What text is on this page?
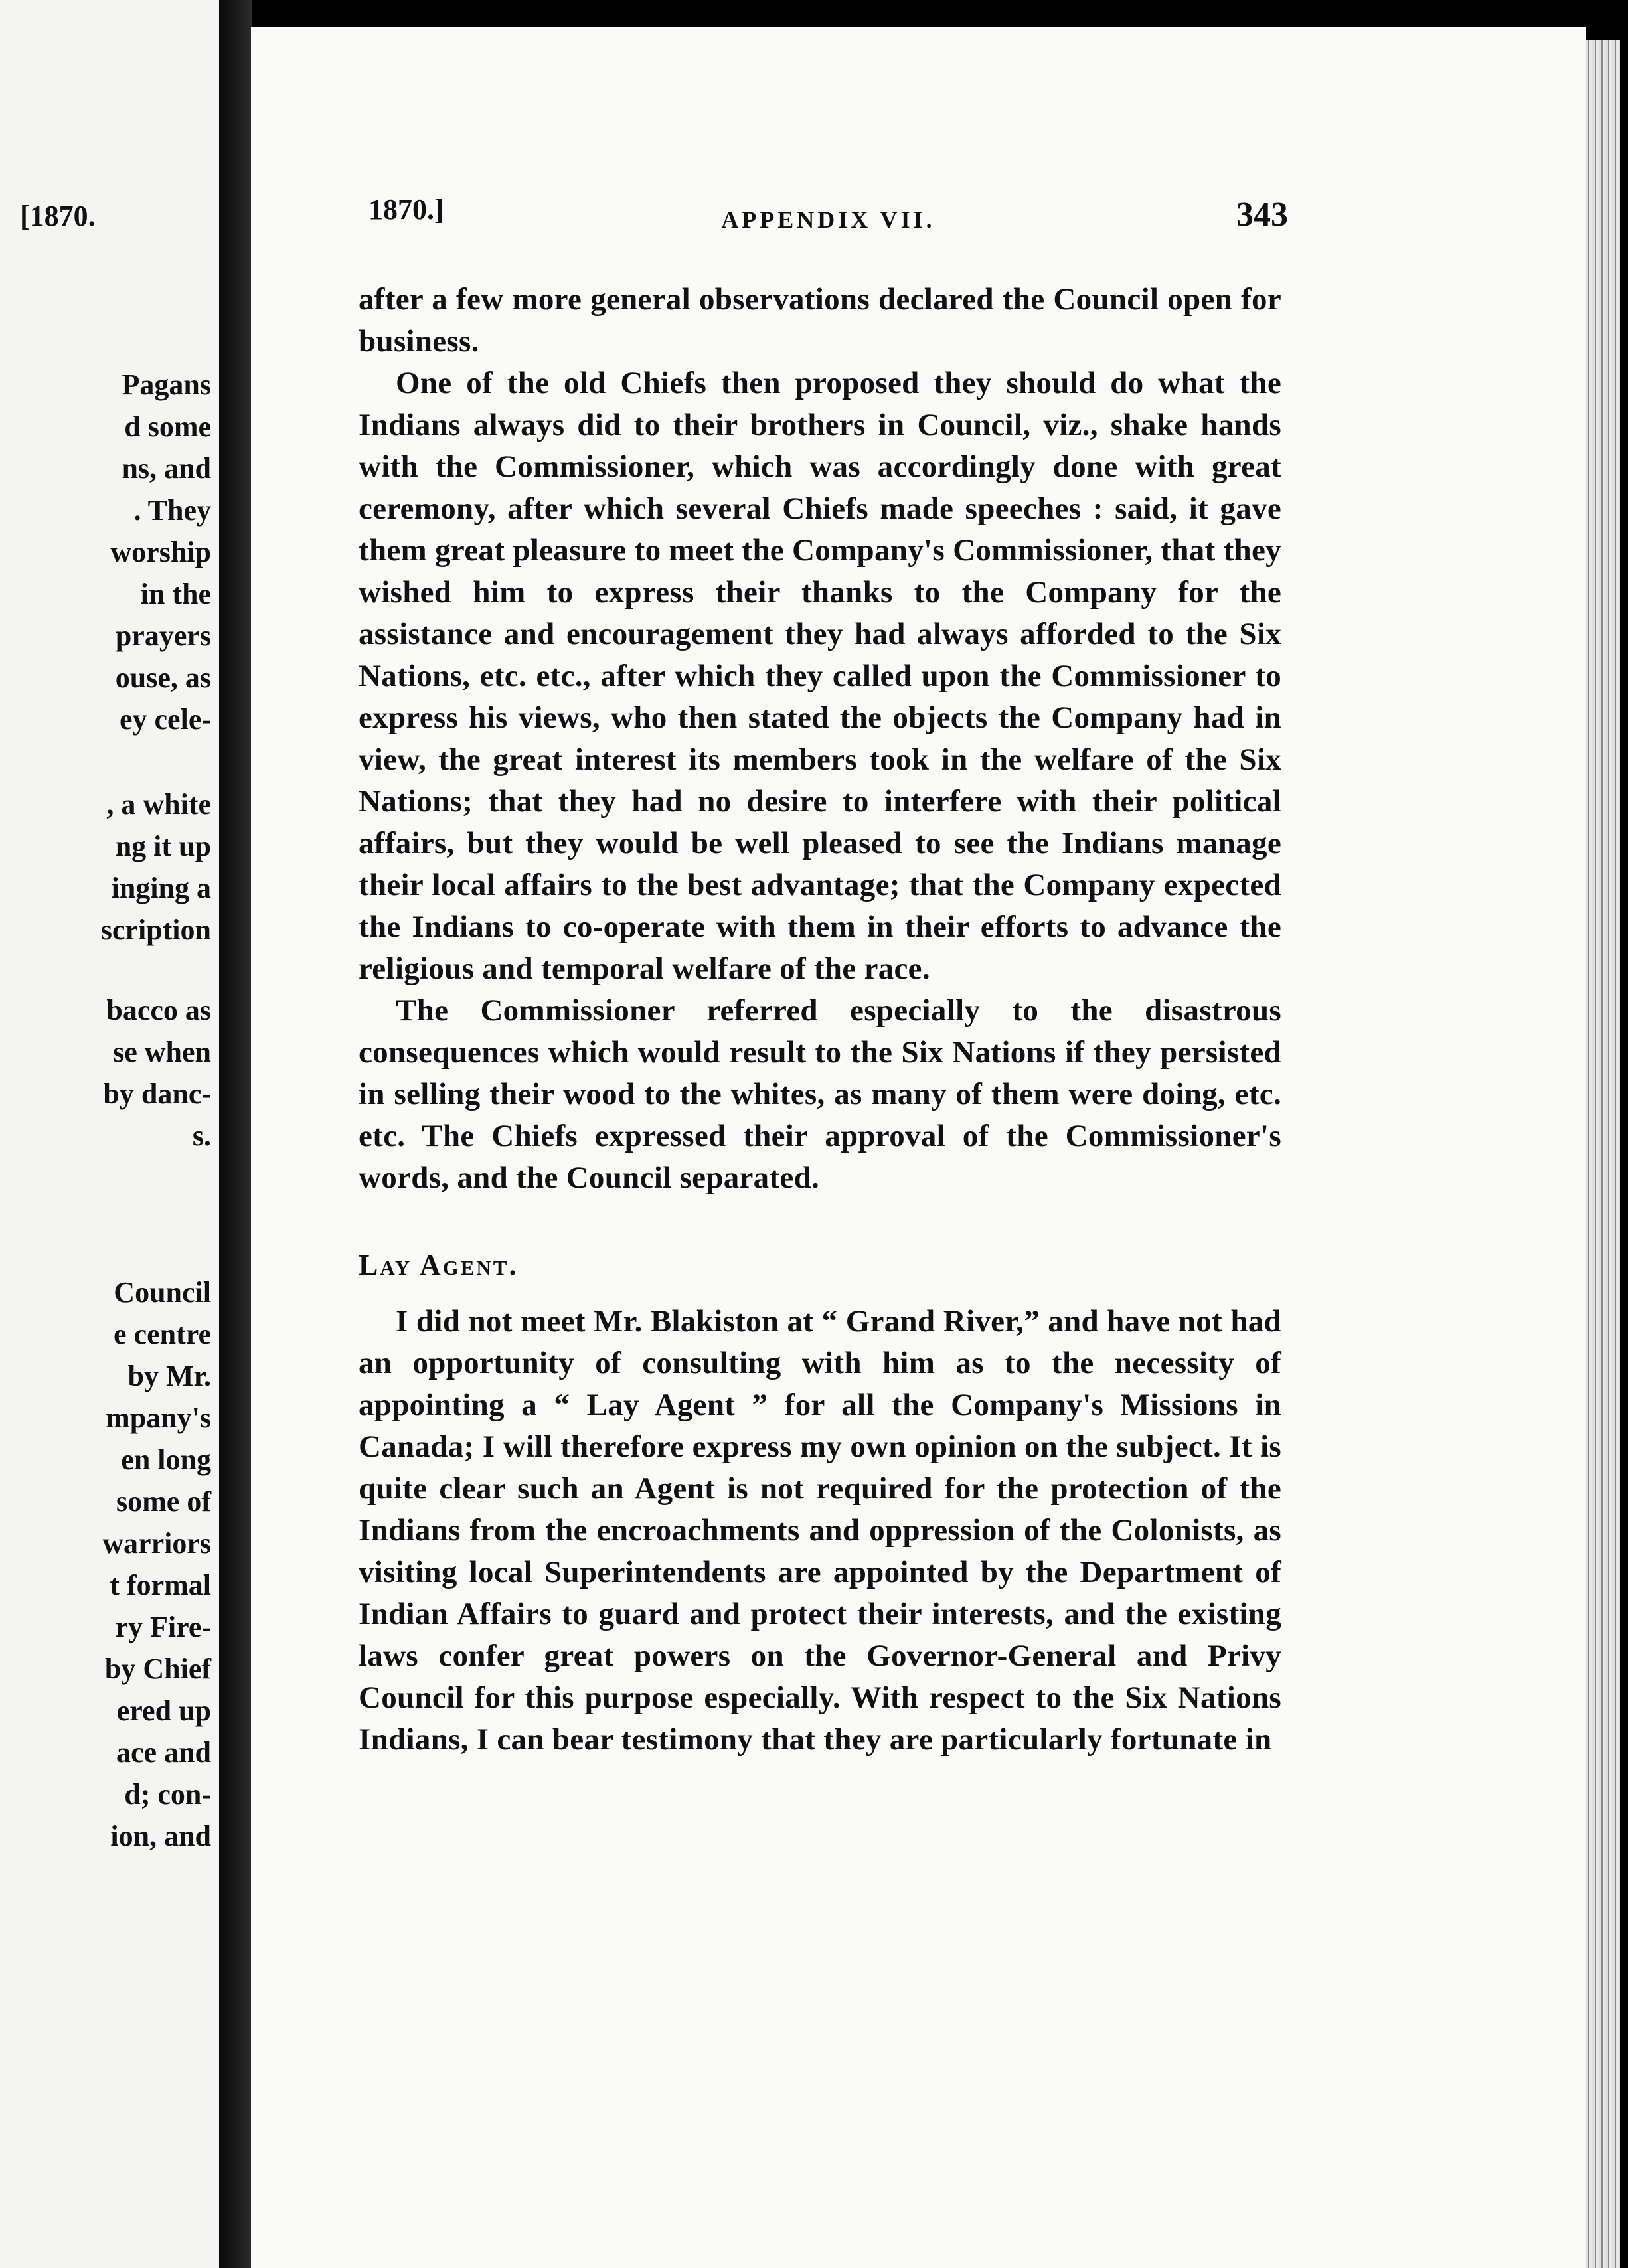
[1870.
Pagans
d some
ns, and
. They
worship
in the
prayers
ouse, as
ey cele-
, a white
ng it up
inging a
scription
bacco as
se when
by danc-
s.
Council
e centre
by Mr.
mpany's
en long
some of
warriors
t formal
ry Fire-
by Chief
ered up
ace and
d; con-
ion, and
1870.]	APPENDIX VII.	343

after a few more general observations declared the Council open for business.

One of the old Chiefs then proposed they should do what the Indians always did to their brothers in Council, viz., shake hands with the Commissioner, which was accordingly done with great ceremony, after which several Chiefs made speeches : said, it gave them great pleasure to meet the Company's Commissioner, that they wished him to express their thanks to the Company for the assistance and encouragement they had always afforded to the Six Nations, etc. etc., after which they called upon the Commissioner to express his views, who then stated the objects the Company had in view, the great interest its members took in the welfare of the Six Nations; that they had no desire to interfere with their political affairs, but they would be well pleased to see the Indians manage their local affairs to the best advantage; that the Company expected the Indians to co-operate with them in their efforts to advance the religious and temporal welfare of the race.

The Commissioner referred especially to the disastrous consequences which would result to the Six Nations if they persisted in selling their wood to the whites, as many of them were doing, etc. etc. The Chiefs expressed their approval of the Commissioner's words, and the Council separated.

Lay Agent.

I did not meet Mr. Blakiston at “ Grand River,” and have not had an opportunity of consulting with him as to the necessity of appointing a “ Lay Agent ” for all the Company's Missions in Canada; I will therefore express my own opinion on the subject. It is quite clear such an Agent is not required for the protection of the Indians from the encroachments and oppression of the Colonists, as visiting local Superintendents are appointed by the Department of Indian Affairs to guard and protect their interests, and the existing laws confer great powers on the Governor-General and Privy Council for this purpose especially. With respect to the Six Nations Indians, I can bear testimony that they are particularly fortunate in
